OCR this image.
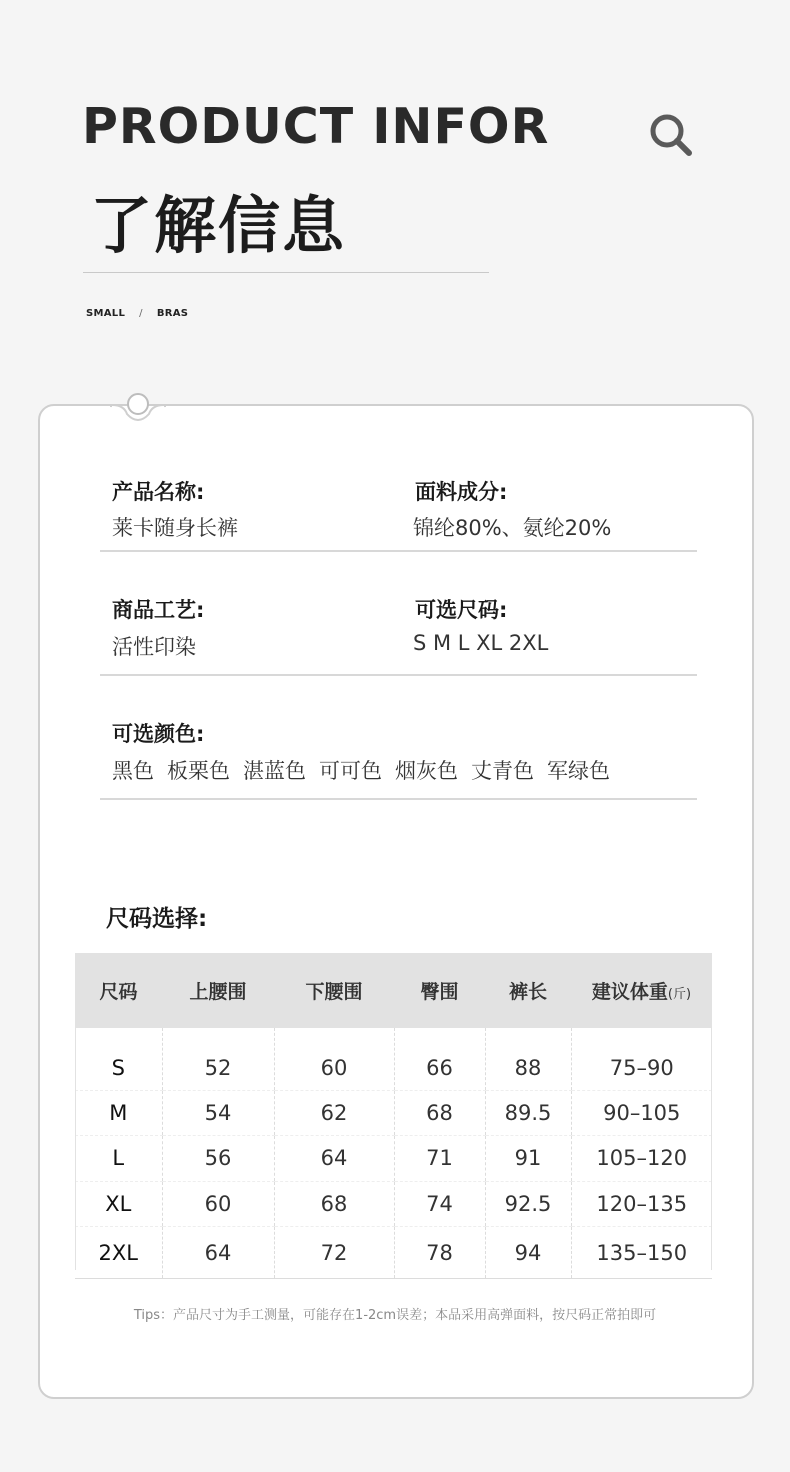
PRODUCT INFOR
了解信息
SMALL / BRAS
产品名称:
莱卡随身长裤
面料成分:
锦纶80%、氨纶20%
商品工艺:
活性印染
可选尺码:
S M L XL 2XL
可选颜色:
黑色 板栗色 湛蓝色 可可色 烟灰色 丈青色 军绿色
尺码选择:
尺码	上腰围	下腰围	臀围	裤长	建议体重(斤)
S	52	60	66	88	75–90
M	54	62	68	89.5	90–105
L	56	64	71	91	105–120
XL	60	68	74	92.5	120–135
2XL	64	72	78	94	135–150
Tips：产品尺寸为手工测量，可能存在1-2cm误差；本品采用高弹面料，按尺码正常拍即可
